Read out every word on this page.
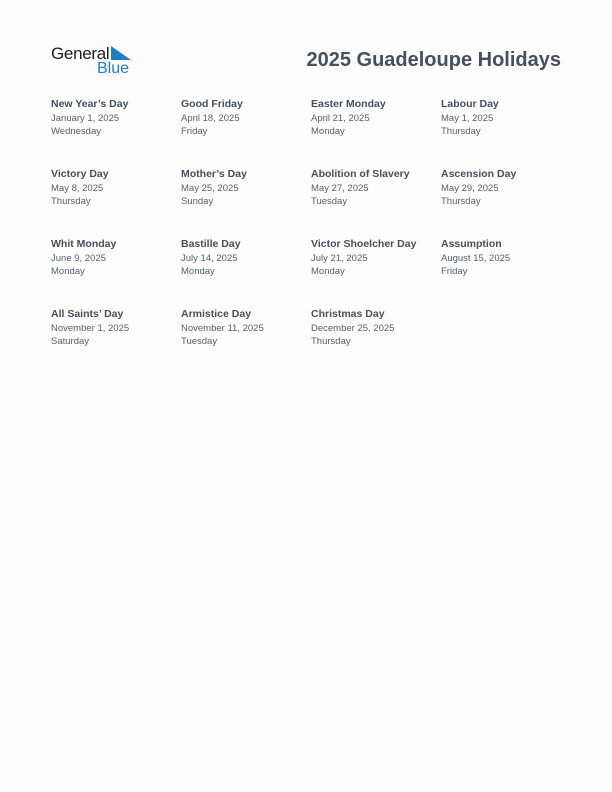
General
Blue	2025 Guadeloupe Holidays
New Year’s Day
January 1, 2025
Wednesday
Good Friday
April 18, 2025
Friday
Easter Monday
April 21, 2025
Monday
Labour Day
May 1, 2025
Thursday
Victory Day
May 8, 2025
Thursday
Mother’s Day
May 25, 2025
Sunday
Abolition of Slavery
May 27, 2025
Tuesday
Ascension Day
May 29, 2025
Thursday
Whit Monday
June 9, 2025
Monday
Bastille Day
July 14, 2025
Monday
Victor Shoelcher Day
July 21, 2025
Monday
Assumption
August 15, 2025
Friday
All Saints’ Day
November 1, 2025
Saturday
Armistice Day
November 11, 2025
Tuesday
Christmas Day
December 25, 2025
Thursday
